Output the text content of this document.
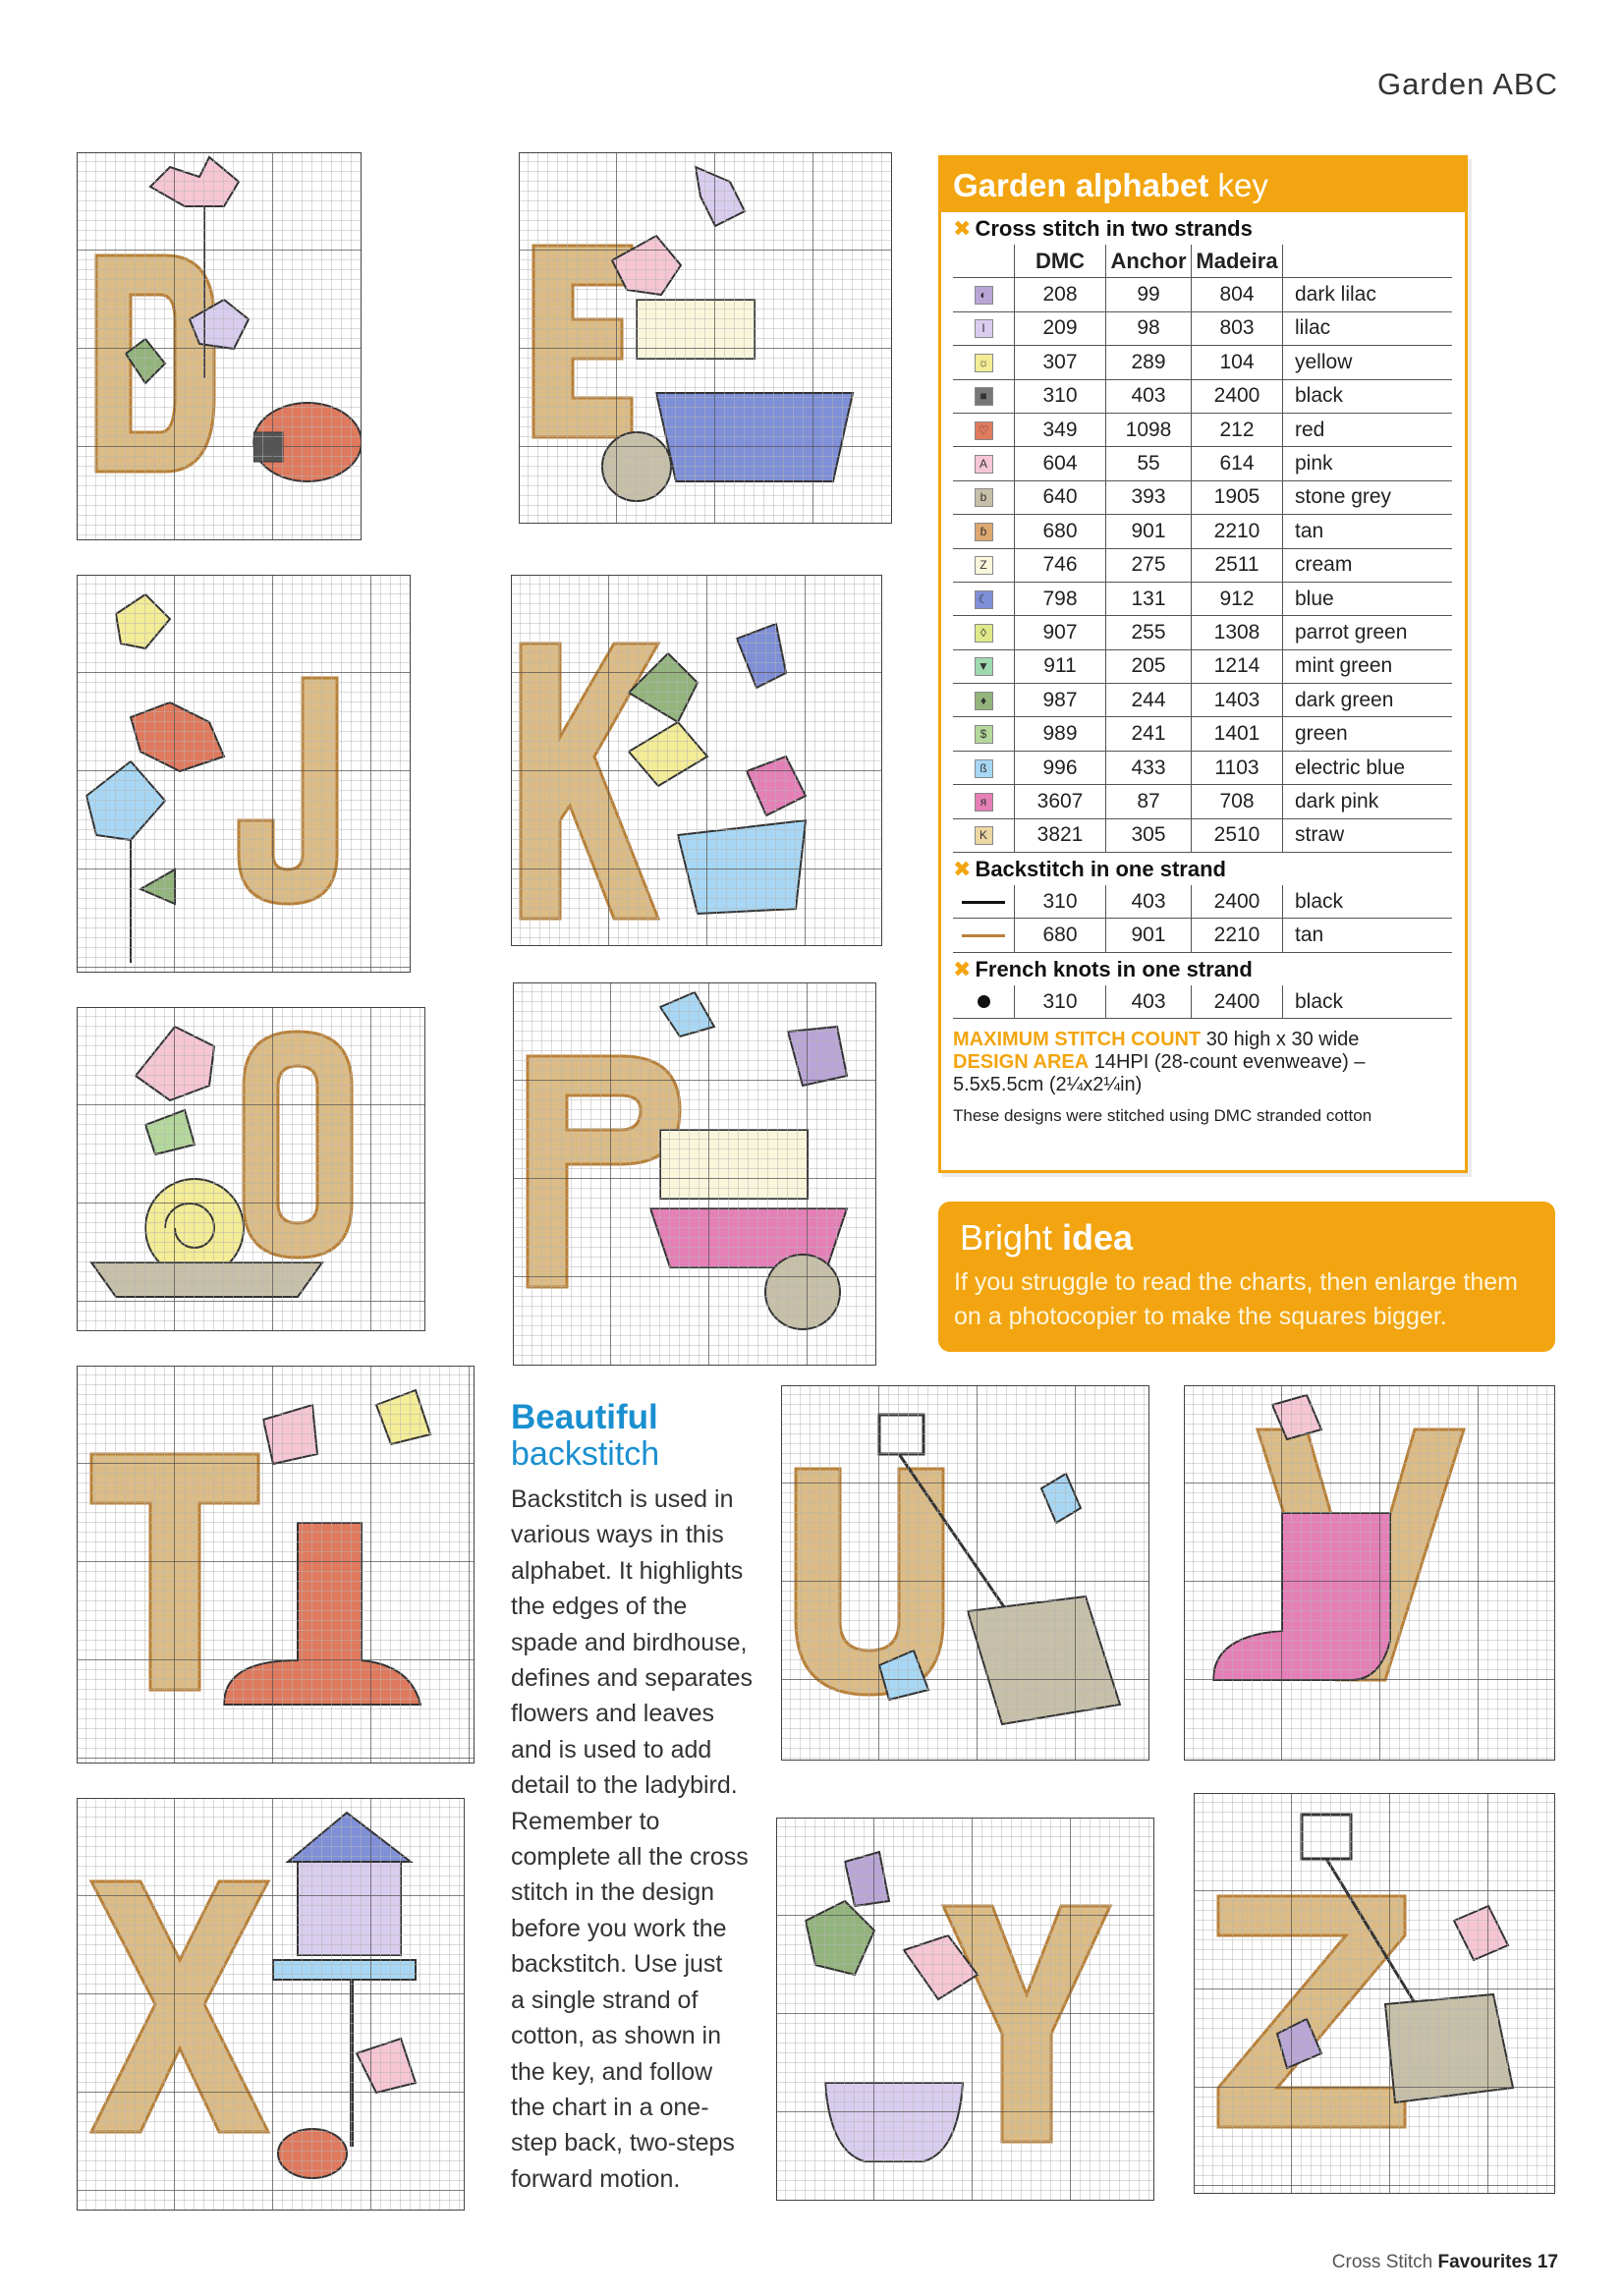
Garden ABC
Garden alphabet key
✖ Cross stitch in two strands
	DMC	Anchor	Madeira	
◐	208	99	804	dark lilac
I	209	98	803	lilac
☼	307	289	104	yellow
■	310	403	2400	black
♡	349	1098	212	red
A	604	55	614	pink
b	640	393	1905	stone grey
ɓ	680	901	2210	tan
Z	746	275	2511	cream
☾	798	131	912	blue
◊	907	255	1308	parrot green
▼	911	205	1214	mint green
♦	987	244	1403	dark green
$	989	241	1401	green
ß	996	433	1103	electric blue
ᴙ	3607	87	708	dark pink
K	3821	305	2510	straw
✖ Backstitch in one strand
	310	403	2400	black
	680	901	2210	tan
✖ French knots in one strand
	310	403	2400	black
MAXIMUM STITCH COUNT 30 high x 30 wide
DESIGN AREA 14HPI (28-count evenweave) – 5.5x5.5cm (2¼x2¼in)
These designs were stitched using DMC stranded cotton
Bright idea
If you struggle to read the charts, then enlarge them on a photocopier to make the squares bigger.
Beautiful
backstitch
Backstitch is used in
various ways in this
alphabet. It highlights
the edges of the
spade and birdhouse,
defines and separates
flowers and leaves
and is used to add
detail to the ladybird.
Remember to
complete all the cross
stitch in the design
before you work the
backstitch. Use just
a single strand of
cotton, as shown in
the key, and follow
the chart in a one-
step back, two-steps
forward motion.
Cross Stitch Favourites 17
